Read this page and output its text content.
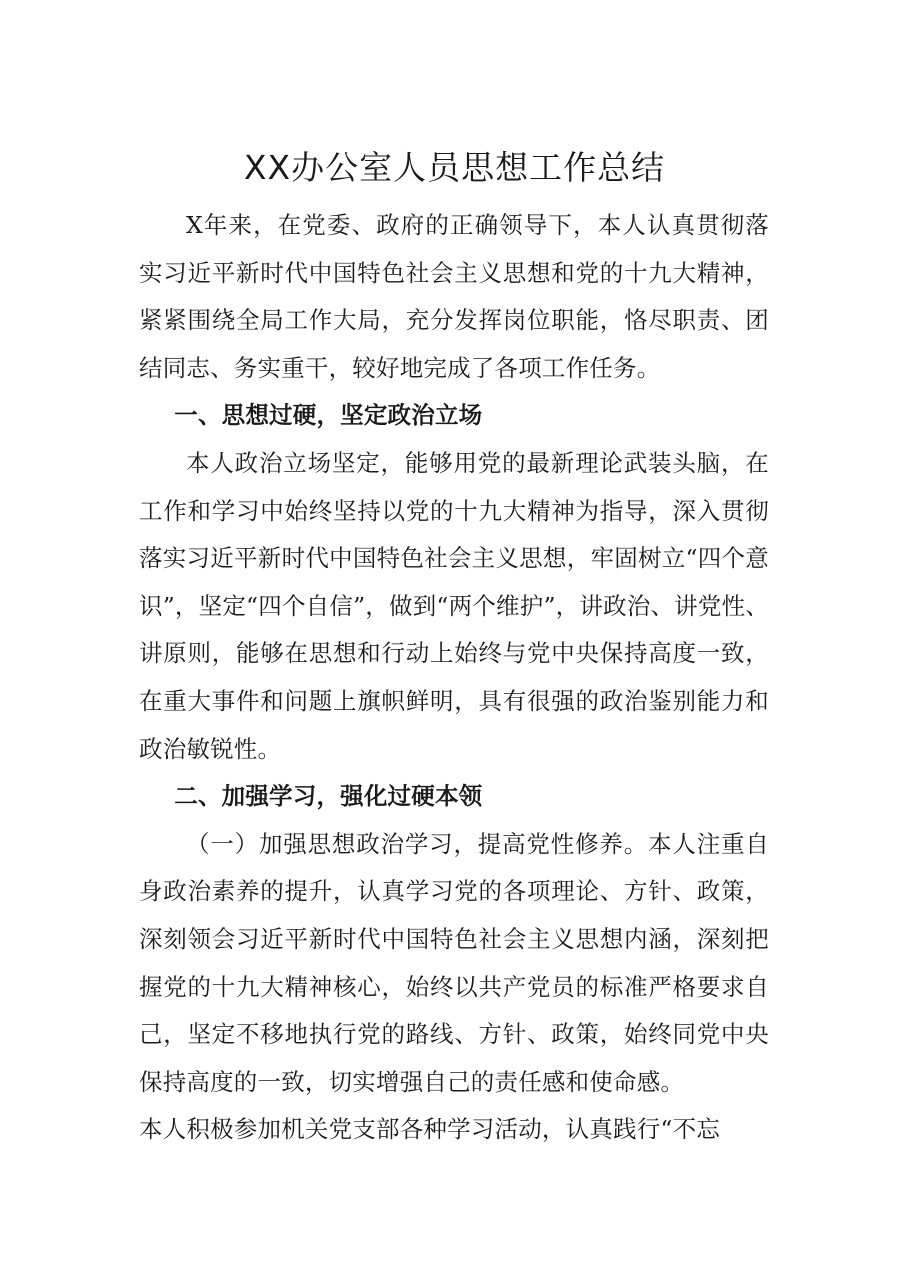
XX办公室人员思想工作总结

X年来，在党委、政府的正确领导下，本人认真贯彻落实习近平新时代中国特色社会主义思想和党的十九大精神，紧紧围绕全局工作大局，充分发挥岗位职能，恪尽职责、团结同志、务实重干，较好地完成了各项工作任务。

一、思想过硬，坚定政治立场

本人政治立场坚定，能够用党的最新理论武装头脑，在工作和学习中始终坚持以党的十九大精神为指导，深入贯彻落实习近平新时代中国特色社会主义思想，牢固树立“四个意识”，坚定“四个自信”，做到“两个维护”，讲政治、讲党性、讲原则，能够在思想和行动上始终与党中央保持高度一致，在重大事件和问题上旗帜鲜明，具有很强的政治鉴别能力和政治敏锐性。

二、加强学习，强化过硬本领

（一）加强思想政治学习，提高党性修养。本人注重自身政治素养的提升，认真学习党的各项理论、方针、政策，深刻领会习近平新时代中国特色社会主义思想内涵，深刻把握党的十九大精神核心，始终以共产党员的标准严格要求自己，坚定不移地执行党的路线、方针、政策，始终同党中央保持高度的一致，切实增强自己的责任感和使命感。

本人积极参加机关党支部各种学习活动，认真践行“不忘
